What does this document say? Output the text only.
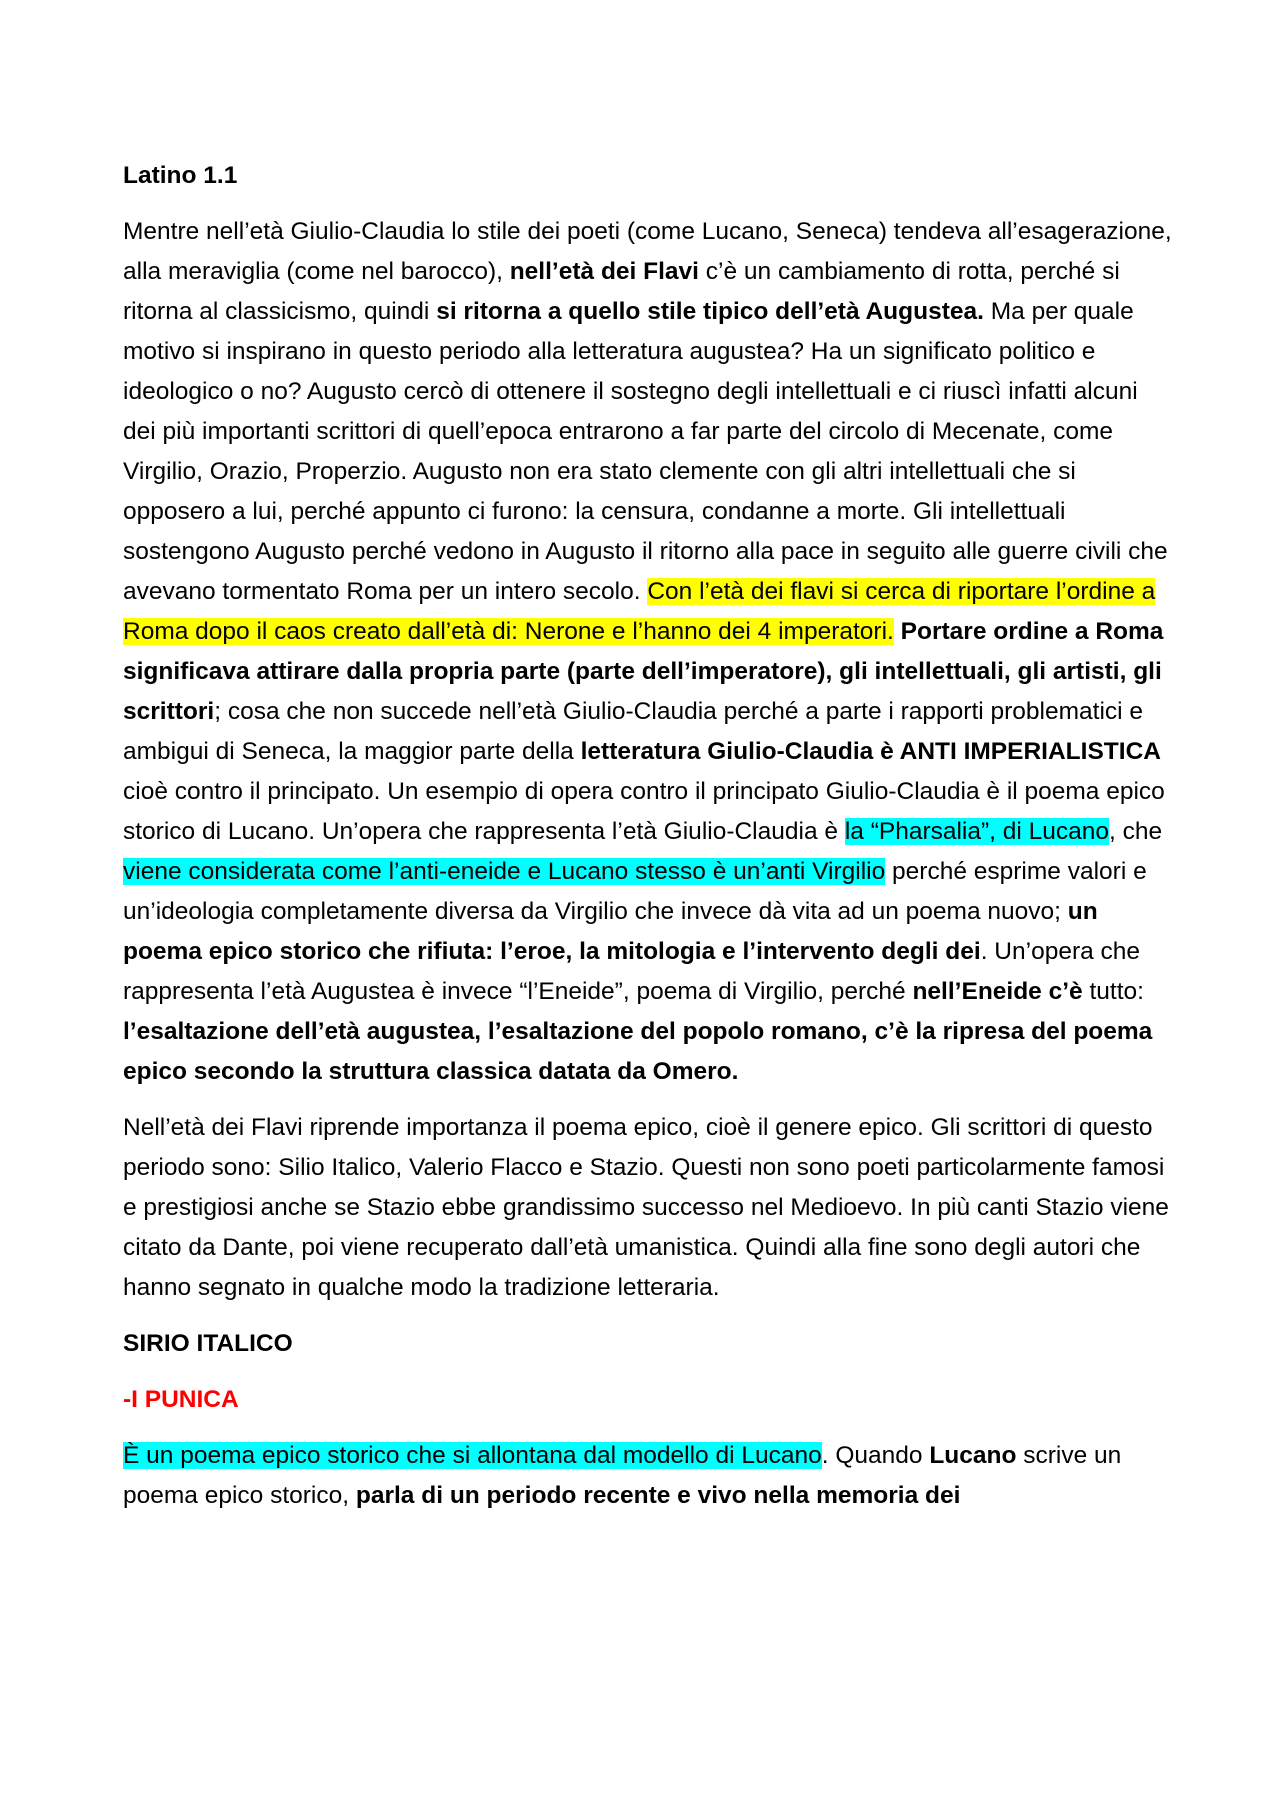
Latino 1.1

Mentre nell’età Giulio-Claudia lo stile dei poeti (come Lucano, Seneca) tendeva all’esagerazione, alla meraviglia (come nel barocco), nell’età dei Flavi c’è un cambiamento di rotta, perché si ritorna al classicismo, quindi si ritorna a quello stile tipico dell’età Augustea. Ma per quale motivo si inspirano in questo periodo alla letteratura augustea? Ha un significato politico e ideologico o no? Augusto cercò di ottenere il sostegno degli intellettuali e ci riuscì infatti alcuni dei più importanti scrittori di quell’epoca entrarono a far parte del circolo di Mecenate, come Virgilio, Orazio, Properzio. Augusto non era stato clemente con gli altri intellettuali che si opposero a lui, perché appunto ci furono: la censura, condanne a morte. Gli intellettuali sostengono Augusto perché vedono in Augusto il ritorno alla pace in seguito alle guerre civili che avevano tormentato Roma per un intero secolo. Con l’età dei flavi si cerca di riportare l’ordine a Roma dopo il caos creato dall’età di: Nerone e l’hanno dei 4 imperatori. Portare ordine a Roma significava attirare dalla propria parte (parte dell’imperatore), gli intellettuali, gli artisti, gli scrittori; cosa che non succede nell’età Giulio-Claudia perché a parte i rapporti problematici e ambigui di Seneca, la maggior parte della letteratura Giulio-Claudia è ANTI IMPERIALISTICA cioè contro il principato. Un esempio di opera contro il principato Giulio-Claudia è il poema epico storico di Lucano. Un’opera che rappresenta l’età Giulio-Claudia è la “Pharsalia”, di Lucano, che viene considerata come l’anti-eneide e Lucano stesso è un’anti Virgilio perché esprime valori e un’ideologia completamente diversa da Virgilio che invece dà vita ad un poema nuovo; un poema epico storico che rifiuta: l’eroe, la mitologia e l’intervento degli dei. Un’opera che rappresenta l’età Augustea è invece “l’Eneide”, poema di Virgilio, perché nell’Eneide c’è tutto: l’esaltazione dell’età augustea, l’esaltazione del popolo romano, c’è la ripresa del poema epico secondo la struttura classica datata da Omero.

Nell’età dei Flavi riprende importanza il poema epico, cioè il genere epico. Gli scrittori di questo periodo sono: Silio Italico, Valerio Flacco e Stazio. Questi non sono poeti particolarmente famosi e prestigiosi anche se Stazio ebbe grandissimo successo nel Medioevo. In più canti Stazio viene citato da Dante, poi viene recuperato dall’età umanistica. Quindi alla fine sono degli autori che hanno segnato in qualche modo la tradizione letteraria.

SIRIO ITALICO
-I PUNICA

È un poema epico storico che si allontana dal modello di Lucano. Quando Lucano scrive un poema epico storico, parla di un periodo recente e vivo nella memoria dei
